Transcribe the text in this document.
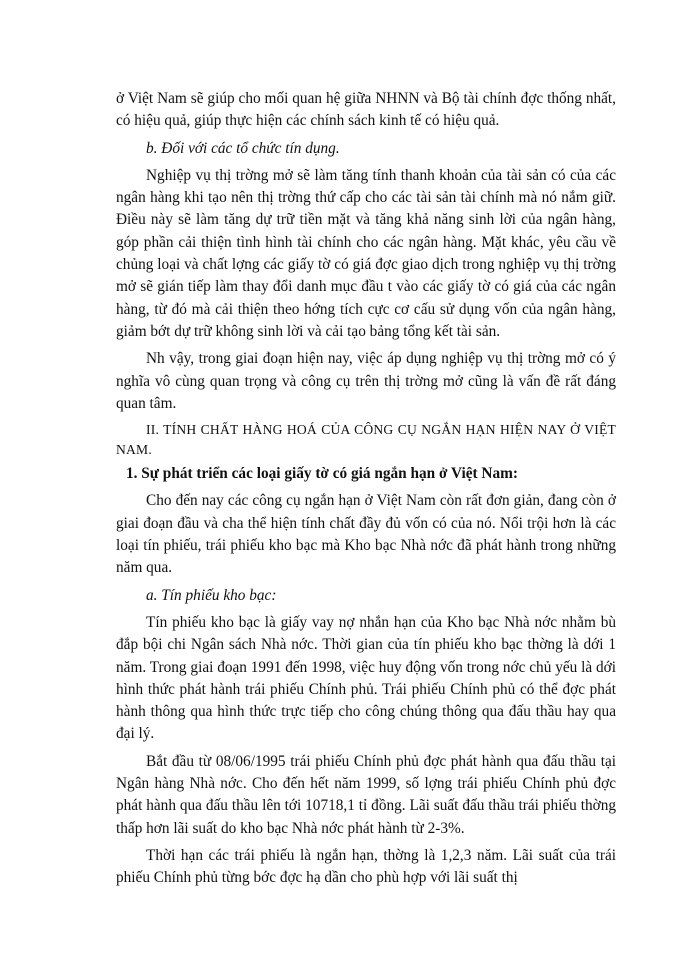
ở Việt Nam sẽ giúp cho mối quan hệ giữa NHNN và Bộ tài chính đợc thống nhất, có hiệu quả, giúp thực hiện các chính sách kinh tế có hiệu quả.

b. Đối với các tổ chức tín dụng.

Nghiệp vụ thị trờng mở sẽ làm tăng tính thanh khoản của tài sản có của các ngân hàng khi tạo nên thị trờng thứ cấp cho các tài sản tài chính mà nó nắm giữ. Điều này sẽ làm tăng dự trữ tiền mặt và tăng khả năng sinh lời của ngân hàng, góp phần cải thiện tình hình tài chính cho các ngân hàng. Mặt khác, yêu cầu về chủng loại và chất lợng các giấy tờ có giá đợc giao dịch trong nghiệp vụ thị trờng mở sẽ gián tiếp làm thay đổi danh mục đầu t vào các giấy tờ có giá của các ngân hàng, từ đó mà cải thiện theo hớng tích cực cơ cấu sử dụng vốn của ngân hàng, giảm bớt dự trữ không sinh lời và cải tạo bảng tổng kết tài sản.

Nh vậy, trong giai đoạn hiện nay, việc áp dụng nghiệp vụ thị trờng mở có ý nghĩa vô cùng quan trọng và công cụ trên thị trờng mở cũng là vấn đề rất đáng quan tâm.

II. TÍNH CHẤT HÀNG HOÁ CỦA CÔNG CỤ NGẮN HẠN HIỆN NAY Ở VIỆT NAM.

1. Sự phát triển các loại giấy tờ có giá ngắn hạn ở Việt Nam:

Cho đến nay các công cụ ngắn hạn ở Việt Nam còn rất đơn giản, đang còn ở giai đoạn đầu và cha thể hiện tính chất đầy đủ vốn có của nó. Nổi trội hơn là các loại tín phiếu, trái phiếu kho bạc mà Kho bạc Nhà nớc đã phát hành trong những năm qua.

a. Tín phiếu kho bạc:

Tín phiếu kho bạc là giấy vay nợ nhắn hạn của Kho bạc Nhà nớc nhằm bù đắp bội chi Ngân sách Nhà nớc. Thời gian của tín phiếu kho bạc thờng là dới 1 năm. Trong giai đoạn 1991 đến 1998, việc huy động vốn trong nớc chủ yếu là dới hình thức phát hành trái phiếu Chính phủ. Trái phiếu Chính phủ có thể đợc phát hành thông qua hình thức trực tiếp cho công chúng thông qua đấu thầu hay qua đại lý.

Bắt đầu từ 08/06/1995 trái phiếu Chính phủ đợc phát hành qua đấu thầu tại Ngân hàng Nhà nớc. Cho đến hết năm 1999, số lợng trái phiếu Chính phủ đợc phát hành qua đấu thầu lên tới 10718,1 tỉ đồng. Lãi suất đấu thầu trái phiếu thờng thấp hơn lãi suất do kho bạc Nhà nớc phát hành từ 2-3%.

Thời hạn các trái phiếu là ngắn hạn, thờng là 1,2,3 năm. Lãi suất của trái phiếu Chính phủ từng bớc đợc hạ dần cho phù hợp với lãi suất thị
